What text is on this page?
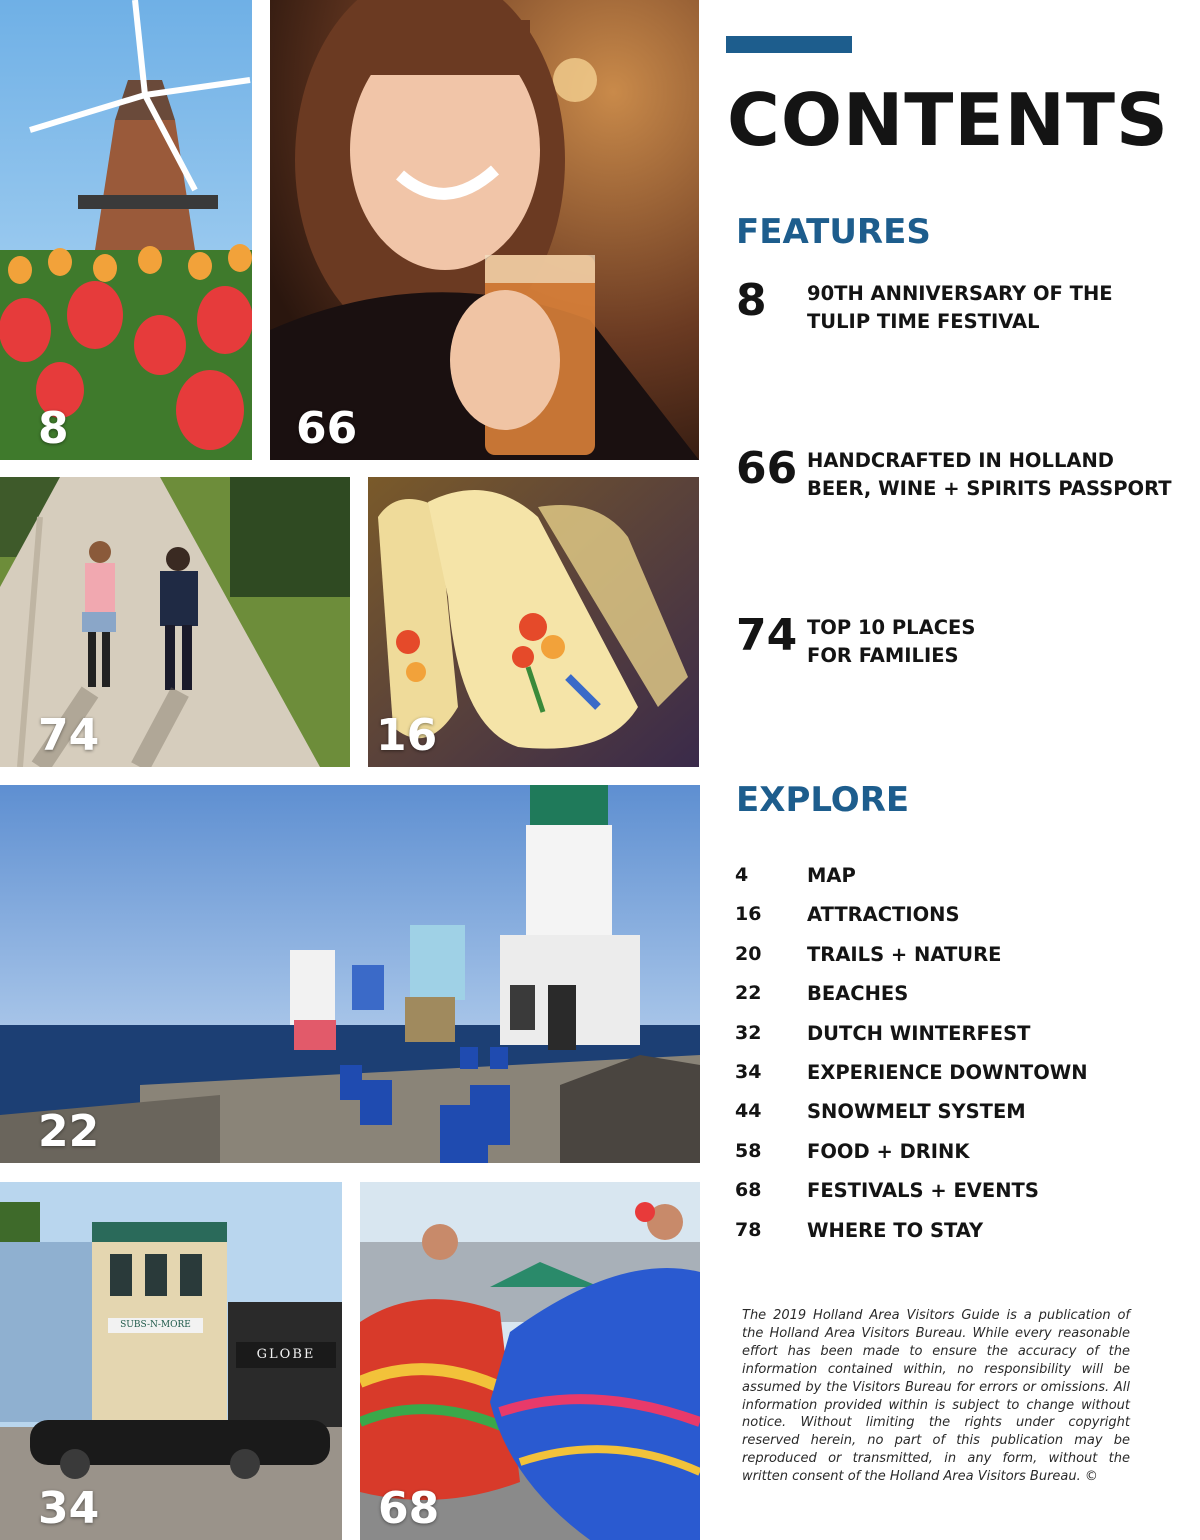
8	66
74	16
22
SUBS-N-MORE
GLOBE
34	68
CONTENTS
FEATURES
8 90TH ANNIVERSARY OF THE
TULIP TIME FESTIVAL
66 HANDCRAFTED IN HOLLAND
BEER, WINE + SPIRITS PASSPORT
74 TOP 10 PLACES
FOR FAMILIES
EXPLORE
4	MAP
16 ATTRACTIONS
20 TRAILS + NATURE
22 BEACHES
32 DUTCH WINTERFEST
34 EXPERIENCE DOWNTOWN
44 SNOWMELT SYSTEM
58 FOOD + DRINK
68 FESTIVALS + EVENTS
78 WHERE TO STAY
The 2019 Holland Area Visitors Guide is a publication of the Holland Area Visitors Bureau. While every reasonable effort has been made to ensure the accuracy of the information contained within, no responsibility will be assumed by the Visitors Bureau for errors or omissions. All information provided within is subject to change without notice. Without limiting the rights under copyright reserved herein, no part of this publication may be reproduced or transmitted, in any form, without the written consent of the Holland Area Visitors Bureau. ©
